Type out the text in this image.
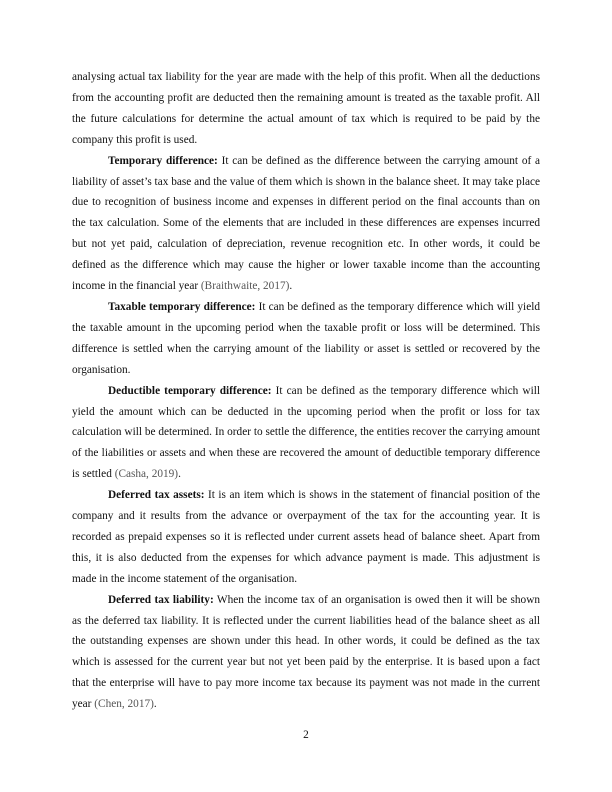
analysing actual tax liability for the year are made with the help of this profit. When all the deductions from the accounting profit are deducted then the remaining amount is treated as the taxable profit. All the future calculations for determine the actual amount of tax which is required to be paid by the company this profit is used.

Temporary difference: It can be defined as the difference between the carrying amount of a liability of asset’s tax base and the value of them which is shown in the balance sheet. It may take place due to recognition of business income and expenses in different period on the final accounts than on the tax calculation. Some of the elements that are included in these differences are expenses incurred but not yet paid, calculation of depreciation, revenue recognition etc. In other words, it could be defined as the difference which may cause the higher or lower taxable income than the accounting income in the financial year (Braithwaite, 2017).

Taxable temporary difference: It can be defined as the temporary difference which will yield the taxable amount in the upcoming period when the taxable profit or loss will be determined. This difference is settled when the carrying amount of the liability or asset is settled or recovered by the organisation.

Deductible temporary difference: It can be defined as the temporary difference which will yield the amount which can be deducted in the upcoming period when the profit or loss for tax calculation will be determined. In order to settle the difference, the entities recover the carrying amount of the liabilities or assets and when these are recovered the amount of deductible temporary difference is settled (Casha, 2019).

Deferred tax assets: It is an item which is shows in the statement of financial position of the company and it results from the advance or overpayment of the tax for the accounting year. It is recorded as prepaid expenses so it is reflected under current assets head of balance sheet. Apart from this, it is also deducted from the expenses for which advance payment is made. This adjustment is made in the income statement of the organisation.

Deferred tax liability: When the income tax of an organisation is owed then it will be shown as the deferred tax liability. It is reflected under the current liabilities head of the balance sheet as all the outstanding expenses are shown under this head. In other words, it could be defined as the tax which is assessed for the current year but not yet been paid by the enterprise. It is based upon a fact that the enterprise will have to pay more income tax because its payment was not made in the current year (Chen, 2017).

2
